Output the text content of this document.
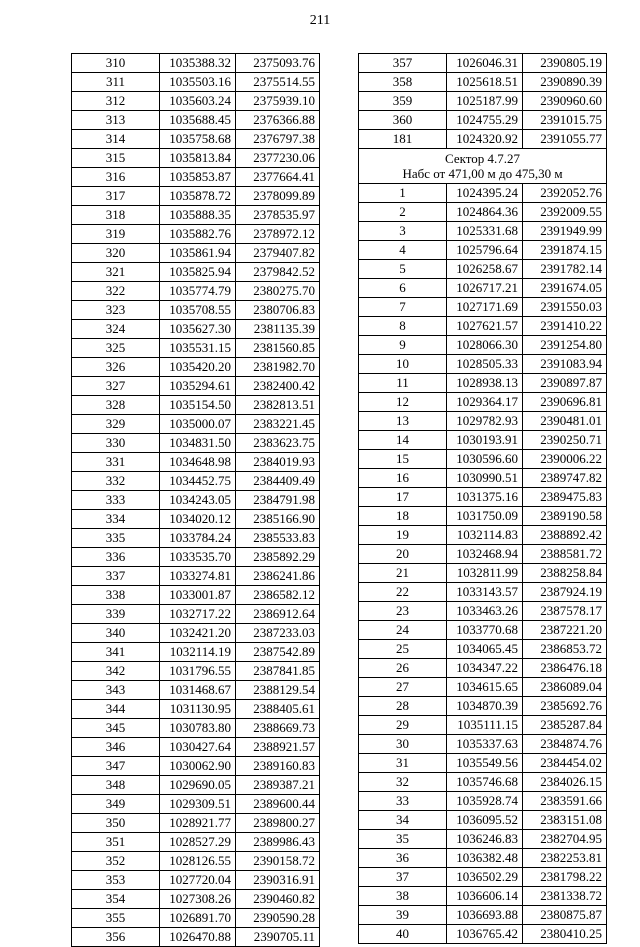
211
310	1035388.32	2375093.76
311	1035503.16	2375514.55
312	1035603.24	2375939.10
313	1035688.45	2376366.88
314	1035758.68	2376797.38
315	1035813.84	2377230.06
316	1035853.87	2377664.41
317	1035878.72	2378099.89
318	1035888.35	2378535.97
319	1035882.76	2378972.12
320	1035861.94	2379407.82
321	1035825.94	2379842.52
322	1035774.79	2380275.70
323	1035708.55	2380706.83
324	1035627.30	2381135.39
325	1035531.15	2381560.85
326	1035420.20	2381982.70
327	1035294.61	2382400.42
328	1035154.50	2382813.51
329	1035000.07	2383221.45
330	1034831.50	2383623.75
331	1034648.98	2384019.93
332	1034452.75	2384409.49
333	1034243.05	2384791.98
334	1034020.12	2385166.90
335	1033784.24	2385533.83
336	1033535.70	2385892.29
337	1033274.81	2386241.86
338	1033001.87	2386582.12
339	1032717.22	2386912.64
340	1032421.20	2387233.03
341	1032114.19	2387542.89
342	1031796.55	2387841.85
343	1031468.67	2388129.54
344	1031130.95	2388405.61
345	1030783.80	2388669.73
346	1030427.64	2388921.57
347	1030062.90	2389160.83
348	1029690.05	2389387.21
349	1029309.51	2389600.44
350	1028921.77	2389800.27
351	1028527.29	2389986.43
352	1028126.55	2390158.72
353	1027720.04	2390316.91
354	1027308.26	2390460.82
355	1026891.70	2390590.28
356	1026470.88	2390705.11
357	1026046.31	2390805.19
358	1025618.51	2390890.39
359	1025187.99	2390960.60
360	1024755.29	2391015.75
181	1024320.92	2391055.77

Сектор 4.7.27
Набс от 471,00 м до 475,30 м		

1	1024395.24	2392052.76
2	1024864.36	2392009.55
3	1025331.68	2391949.99
4	1025796.64	2391874.15
5	1026258.67	2391782.14
6	1026717.21	2391674.05
7	1027171.69	2391550.03
8	1027621.57	2391410.22
9	1028066.30	2391254.80
10	1028505.33	2391083.94
11	1028938.13	2390897.87
12	1029364.17	2390696.81
13	1029782.93	2390481.01
14	1030193.91	2390250.71
15	1030596.60	2390006.22
16	1030990.51	2389747.82
17	1031375.16	2389475.83
18	1031750.09	2389190.58
19	1032114.83	2388892.42
20	1032468.94	2388581.72
21	1032811.99	2388258.84
22	1033143.57	2387924.19
23	1033463.26	2387578.17
24	1033770.68	2387221.20
25	1034065.45	2386853.72
26	1034347.22	2386476.18
27	1034615.65	2386089.04
28	1034870.39	2385692.76
29	1035111.15	2385287.84
30	1035337.63	2384874.76
31	1035549.56	2384454.02
32	1035746.68	2384026.15
33	1035928.74	2383591.66
34	1036095.52	2383151.08
35	1036246.83	2382704.95
36	1036382.48	2382253.81
37	1036502.29	2381798.22
38	1036606.14	2381338.72
39	1036693.88	2380875.87
40	1036765.42	2380410.25
